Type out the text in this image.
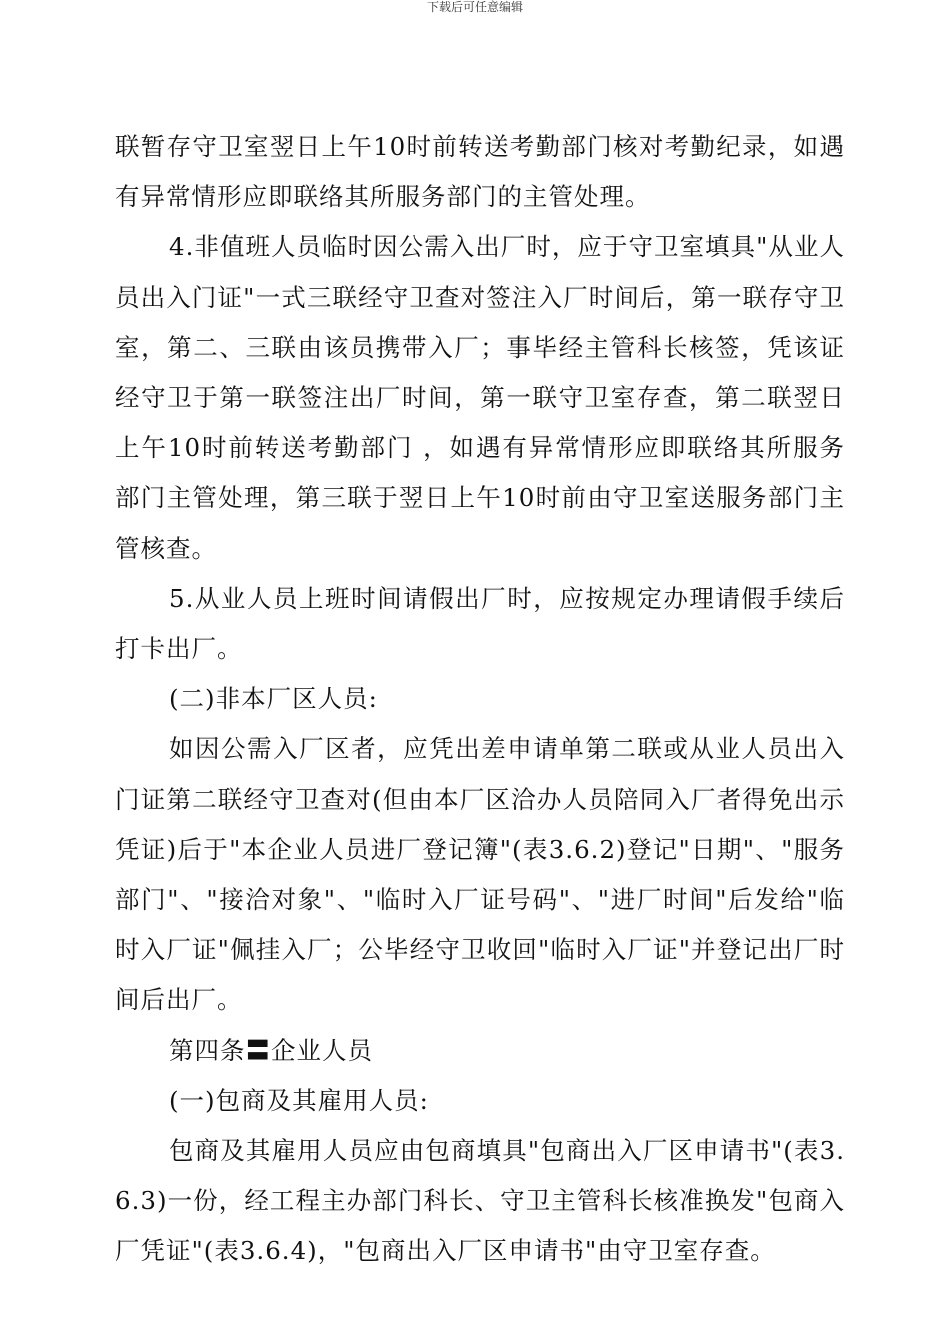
下载后可任意编辑

联暂存守卫室翌日上午10时前转送考勤部门核对考勤纪录，如遇有异常情形应即联络其所服务部门的主管处理。

4.非值班人员临时因公需入出厂时，应于守卫室填具"从业人员出入门证"一式三联经守卫查对签注入厂时间后，第一联存守卫室，第二、三联由该员携带入厂；事毕经主管科长核签，凭该证经守卫于第一联签注出厂时间，第一联守卫室存查，第二联翌日上午10时前转送考勤部门 ，如遇有异常情形应即联络其所服务部门主管处理，第三联于翌日上午10时前由守卫室送服务部门主管核查。

5.从业人员上班时间请假出厂时，应按规定办理请假手续后打卡出厂。

(二)非本厂区人员:

如因公需入厂区者，应凭出差申请单第二联或从业人员出入门证第二联经守卫查对(但由本厂区洽办人员陪同入厂者得免出示凭证)后于"本企业人员进厂登记簿"(表3.6.2)登记"日期"、"服务部门"、"接洽对象"、"临时入厂证号码"、"进厂时间"后发给"临时入厂证"佩挂入厂；公毕经守卫收回"临时入厂证"并登记出厂时间后出厂。

第四条〓企业人员

(一)包商及其雇用人员:

包商及其雇用人员应由包商填具"包商出入厂区申请书"(表3.6.3)一份，经工程主办部门科长、守卫主管科长核准换发"包商入厂凭证"(表3.6.4)，"包商出入厂区申请书"由守卫室存查。
